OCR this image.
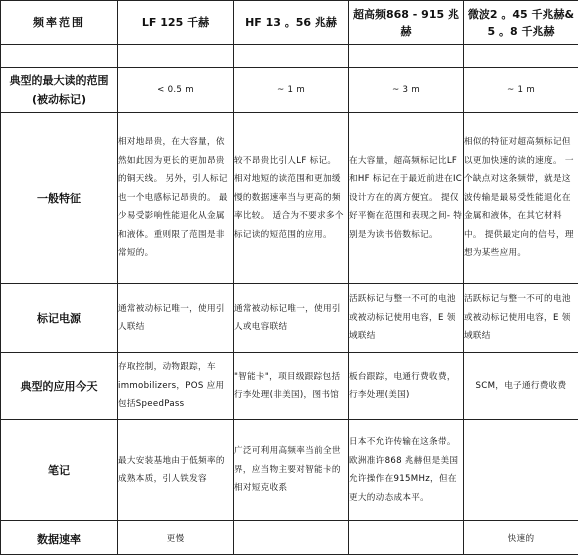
频率范围	LF 125 千赫	HF 13 。56 兆赫	超高频868 - 915 兆赫	微波2 。45 千兆赫&
5 。8 千兆赫

典型的最大读的范围
(被动标记)	< 0.5 m	~ 1 m	~ 3 m	~ 1 m
一般特征	相对地昂贵，在大容量，依然如此因为更长的更加昂贵的铜天线。 另外，引人标记也一个电感标记昂贵的。 最少易受影响性能退化从金属和液体。重则限了范围是非常短的。	较不昂贵比引人LF 标记。 相对地短的读范围和更加缓慢的数据速率当与更高的频率比较。 适合为不要求多个标记读的短范围的应用。	在大容量，超高频标记比LF和HF 标记在于最近前进在IC 设计方在的离方便宜。 提仅好平衡在范围和表现之间- 特别是为读书倍数标记。	相似的特征对超高频标记但以更加快速的读的速度。 一个缺点对这条频带，就是这波传输是最易受性能退化在金属和液体，在其它材料中。 提供最定向的信号，理想为某些应用。
标记电源	通常被动标记唯一，使用引人联结	通常被动标记唯一，使用引人或电容联结	活跃标记与整一不可的电池或被动标记使用电容，E 领域联结	活跃标记与整一不可的电池或被动标记使用电容，E 领域联结
典型的应用今天	存取控制，动物跟踪，车immobilizers，POS 应用包括SpeedPass	"智能卡"，项目级跟踪包括行李处理(非美国)，图书馆	板台跟踪，电通行费收费，行李处理(美国)	SCM，电子通行费收费
笔记	最大安装基地由于低频率的成熟本质，引人铁发容	广泛可利用高频率当前全世界，应当物主要对智能卡的相对短克收系	日本不允许传输在这条带。 欧洲准许868 兆赫但是美国允许操作在915MHz，但在更大的动态成本平。	
数据速率	更慢			快速的
